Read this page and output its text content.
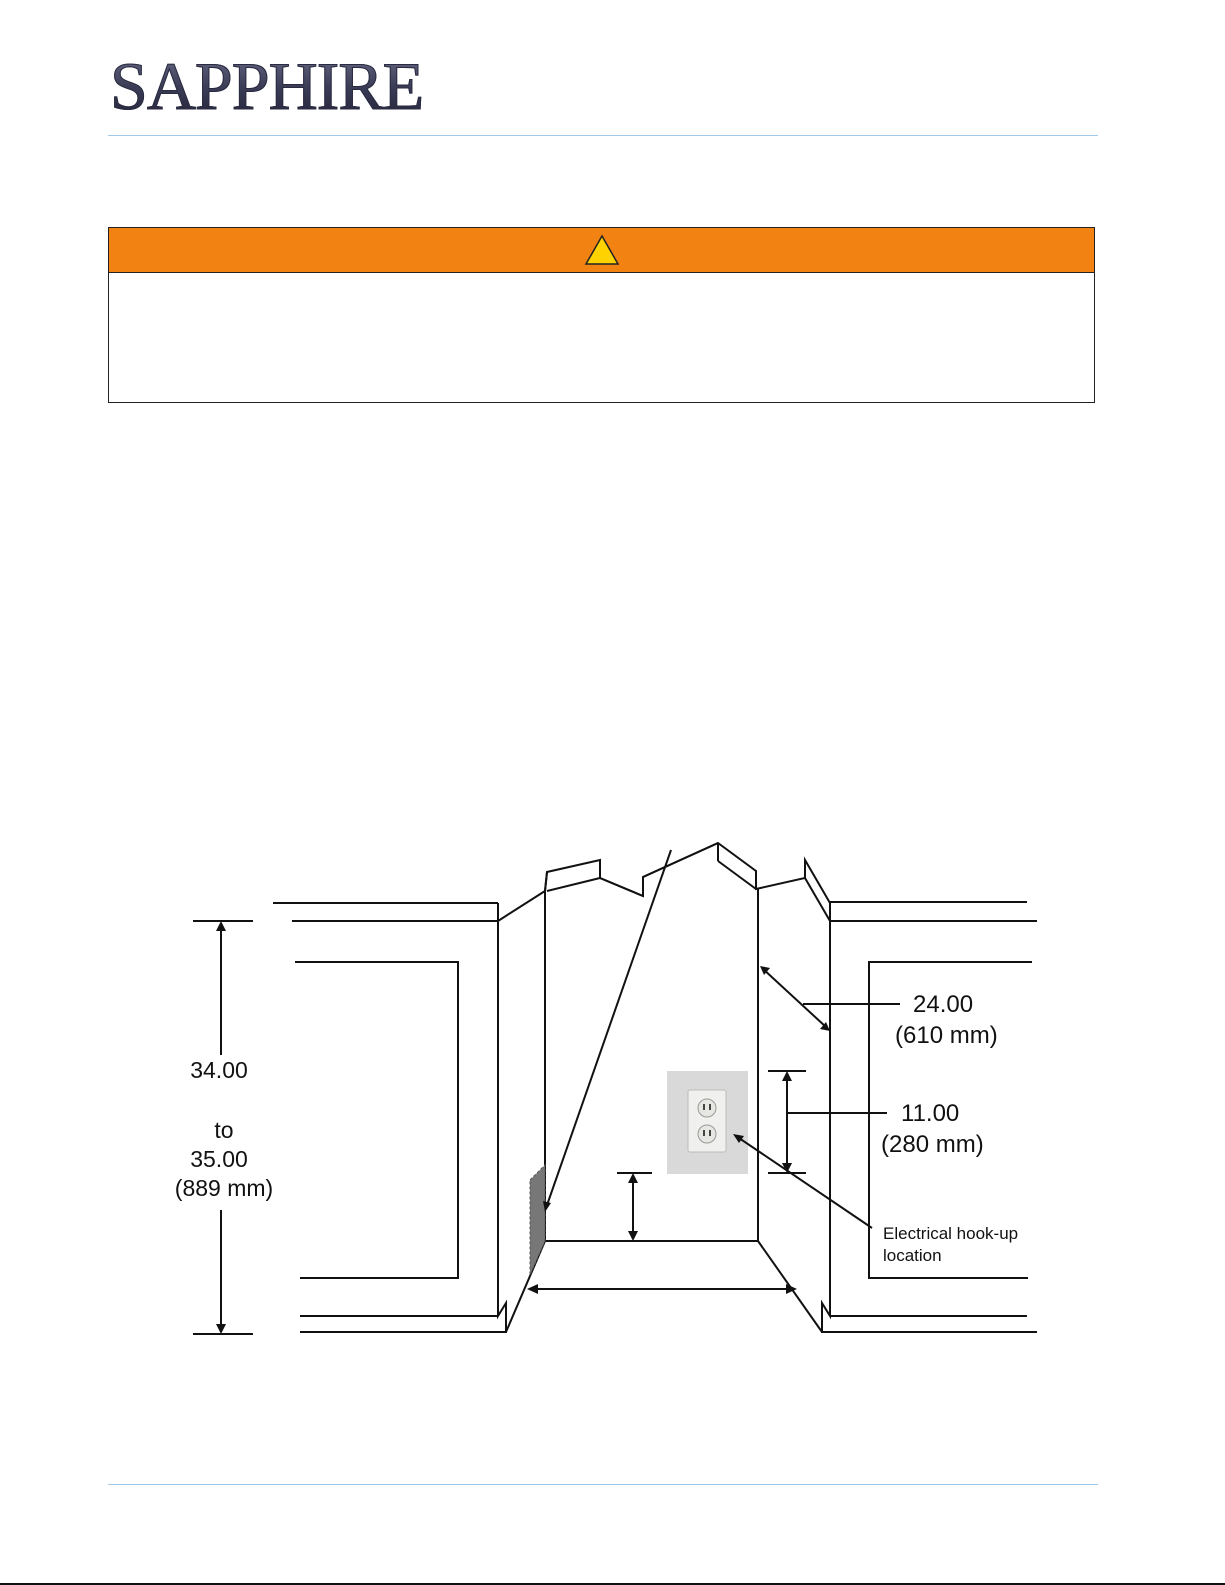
SAPPHIRE
34.00
to
35.00
(889 mm)
24.00
(610 mm)
11.00
(280 mm)
Electrical hook-up
location
